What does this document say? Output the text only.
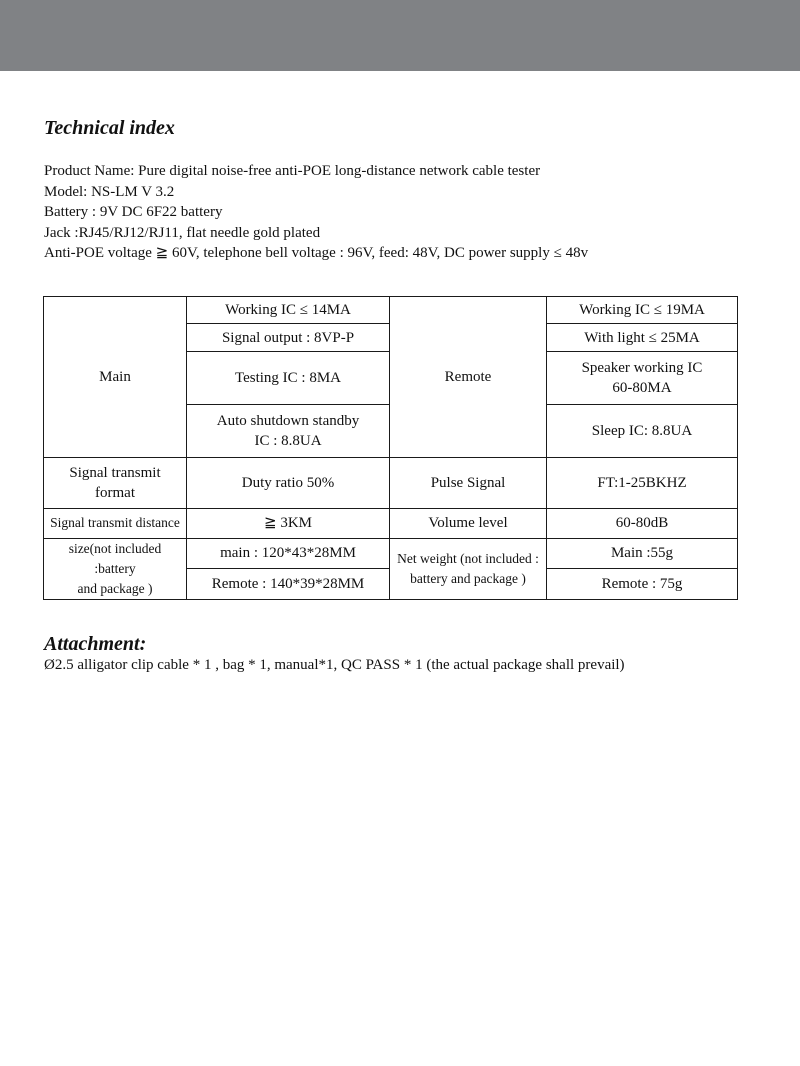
Technical index
Product Name: Pure digital noise-free anti-POE long-distance network cable tester
Model: NS-LM V 3.2
Battery : 9V DC 6F22 battery
Jack :RJ45/RJ12/RJ11, flat needle gold plated
Anti-POE voltage ≧ 60V, telephone bell voltage : 96V, feed: 48V, DC power supply ≤ 48v
Main	Working IC ≤ 14MA	Remote	Working IC ≤ 19MA
	Signal output : 8VP-P		With light ≤ 25MA
	Testing IC : 8MA		Speaker working IC
60-80MA
	Auto shutdown standby
IC : 8.8UA		Sleep IC: 8.8UA
Signal transmit
format	Duty ratio 50%	Pulse Signal	FT:1-25BKHZ
Signal transmit distance	≧ 3KM	Volume level	60-80dB
size(not included :battery
and package )	main : 120*43*28MM	Net weight (not included :
battery and package )	Main :55g
	Remote : 140*39*28MM		Remote : 75g
Attachment:

Ø2.5 alligator clip cable * 1 , bag * 1, manual*1, QC PASS * 1 (the actual package shall prevail)
